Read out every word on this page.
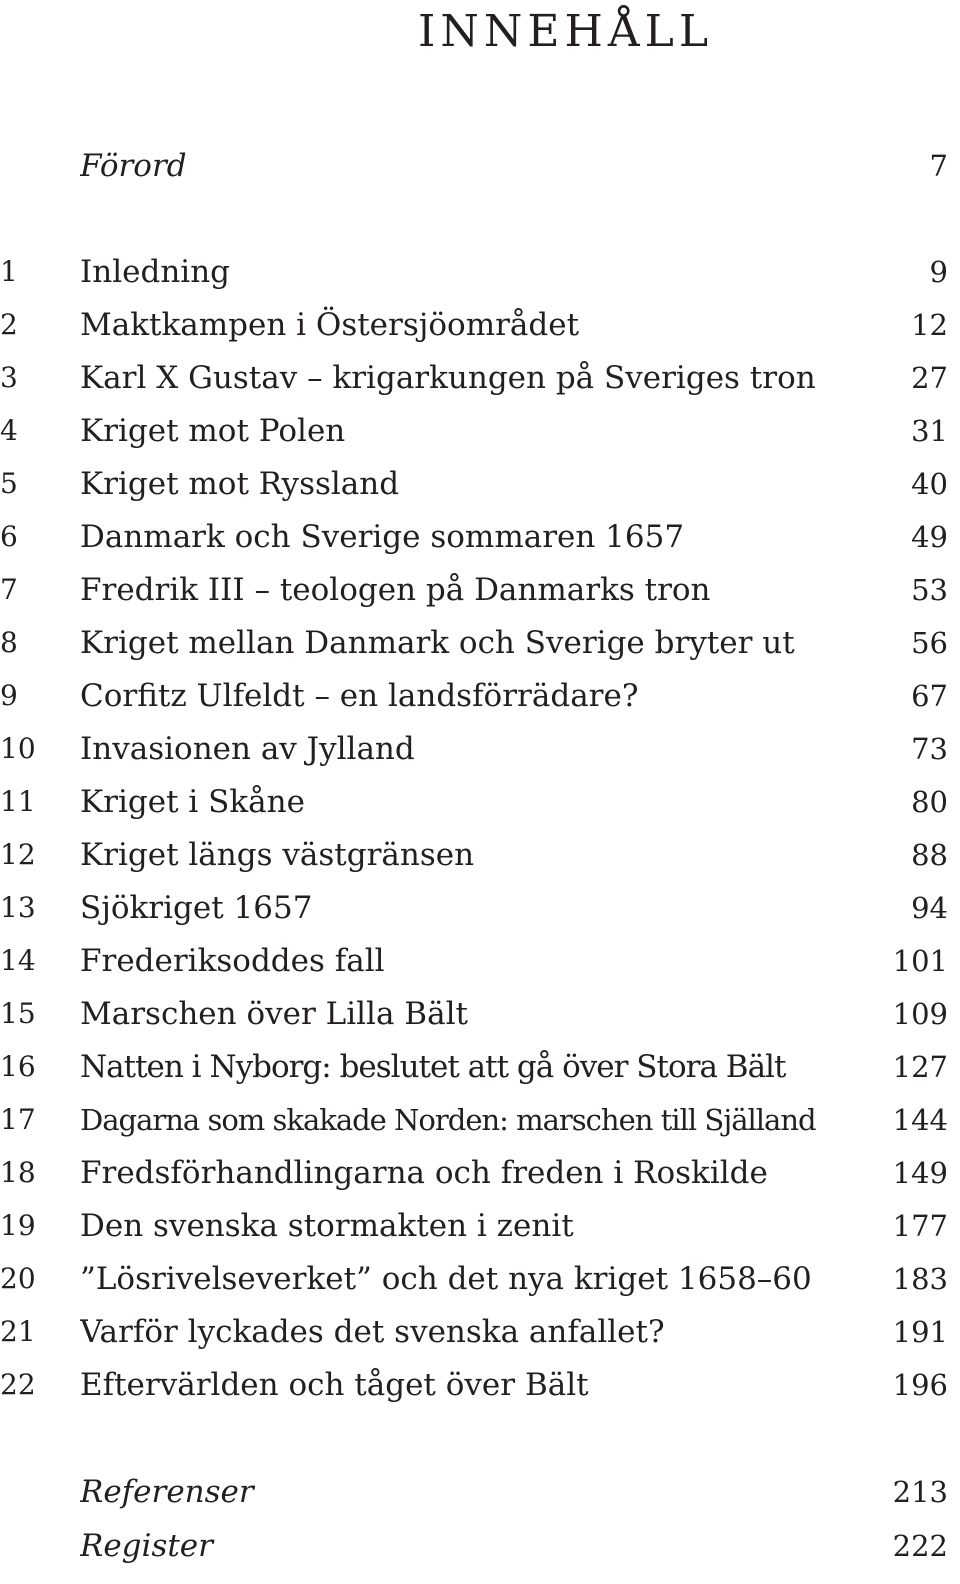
INNEHÅLL
Förord	7
1	Inledning	9
2	Maktkampen i Östersjöområdet	12
3	Karl X Gustav – krigarkungen på Sveriges tron	27
4	Kriget mot Polen	31
5	Kriget mot Ryssland	40
6	Danmark och Sverige sommaren 1657	49
7	Fredrik III – teologen på Danmarks tron	53
8	Kriget mellan Danmark och Sverige bryter ut	56
9	Corfitz Ulfeldt – en landsförrädare?	67
10	Invasionen av Jylland	73
11	Kriget i Skåne	80
12	Kriget längs västgränsen	88
13	Sjökriget 1657	94
14	Frederiksoddes fall	101
15	Marschen över Lilla Bält	109
16	Natten i Nyborg: beslutet att gå över Stora Bält	127
17	Dagarna som skakade Norden: marschen till Själland	144
18	Fredsförhandlingarna och freden i Roskilde	149
19	Den svenska stormakten i zenit	177
20	”Lösrivelseverket” och det nya kriget 1658–60	183
21	Varför lyckades det svenska anfallet?	191
22	Eftervärlden och tåget över Bält	196
Referenser	213
Register	222
